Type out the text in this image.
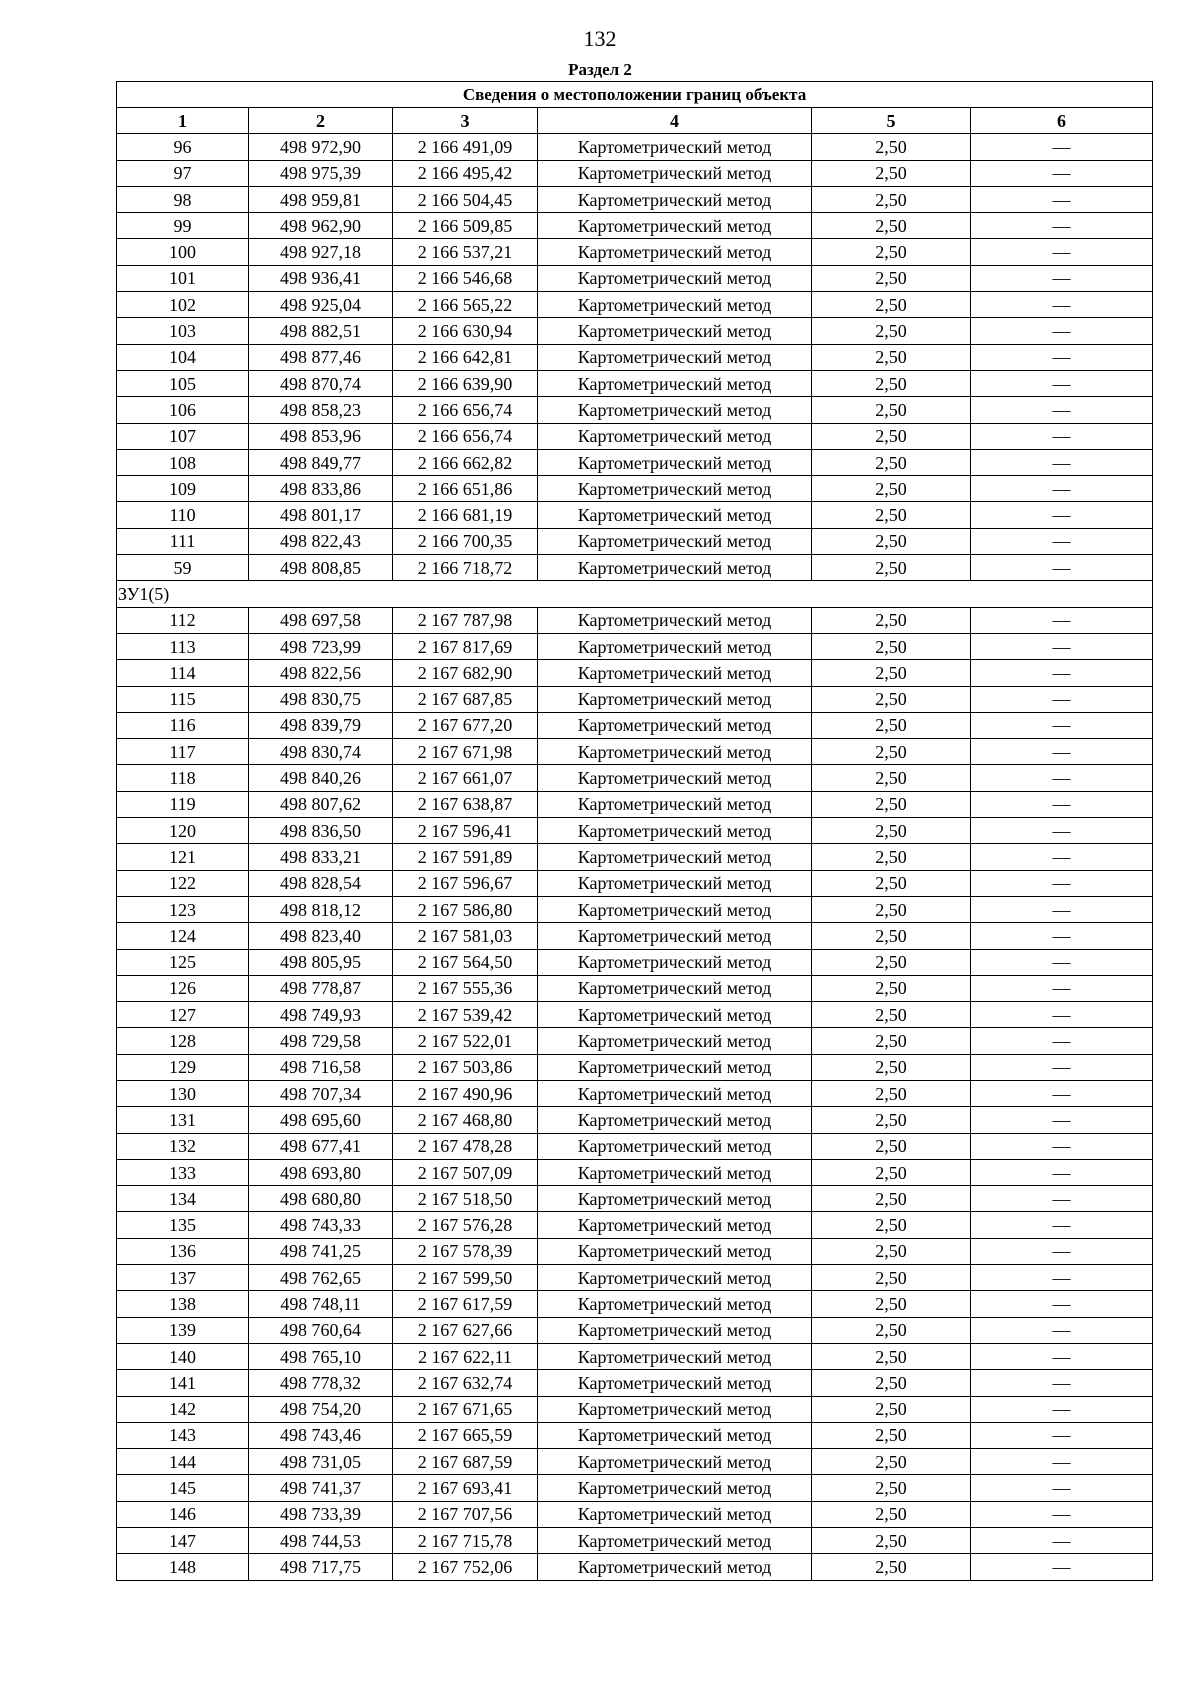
132
Раздел 2
Сведения о местоположении границ объекта					
1	2	3	4	5	6
96	498 972,90	2 166 491,09	Картометрический метод	2,50	—
97	498 975,39	2 166 495,42	Картометрический метод	2,50	—
98	498 959,81	2 166 504,45	Картометрический метод	2,50	—
99	498 962,90	2 166 509,85	Картометрический метод	2,50	—
100	498 927,18	2 166 537,21	Картометрический метод	2,50	—
101	498 936,41	2 166 546,68	Картометрический метод	2,50	—
102	498 925,04	2 166 565,22	Картометрический метод	2,50	—
103	498 882,51	2 166 630,94	Картометрический метод	2,50	—
104	498 877,46	2 166 642,81	Картометрический метод	2,50	—
105	498 870,74	2 166 639,90	Картометрический метод	2,50	—
106	498 858,23	2 166 656,74	Картометрический метод	2,50	—
107	498 853,96	2 166 656,74	Картометрический метод	2,50	—
108	498 849,77	2 166 662,82	Картометрический метод	2,50	—
109	498 833,86	2 166 651,86	Картометрический метод	2,50	—
110	498 801,17	2 166 681,19	Картометрический метод	2,50	—
111	498 822,43	2 166 700,35	Картометрический метод	2,50	—
59	498 808,85	2 166 718,72	Картометрический метод	2,50	—
ЗУ1(5)					
112	498 697,58	2 167 787,98	Картометрический метод	2,50	—
113	498 723,99	2 167 817,69	Картометрический метод	2,50	—
114	498 822,56	2 167 682,90	Картометрический метод	2,50	—
115	498 830,75	2 167 687,85	Картометрический метод	2,50	—
116	498 839,79	2 167 677,20	Картометрический метод	2,50	—
117	498 830,74	2 167 671,98	Картометрический метод	2,50	—
118	498 840,26	2 167 661,07	Картометрический метод	2,50	—
119	498 807,62	2 167 638,87	Картометрический метод	2,50	—
120	498 836,50	2 167 596,41	Картометрический метод	2,50	—
121	498 833,21	2 167 591,89	Картометрический метод	2,50	—
122	498 828,54	2 167 596,67	Картометрический метод	2,50	—
123	498 818,12	2 167 586,80	Картометрический метод	2,50	—
124	498 823,40	2 167 581,03	Картометрический метод	2,50	—
125	498 805,95	2 167 564,50	Картометрический метод	2,50	—
126	498 778,87	2 167 555,36	Картометрический метод	2,50	—
127	498 749,93	2 167 539,42	Картометрический метод	2,50	—
128	498 729,58	2 167 522,01	Картометрический метод	2,50	—
129	498 716,58	2 167 503,86	Картометрический метод	2,50	—
130	498 707,34	2 167 490,96	Картометрический метод	2,50	—
131	498 695,60	2 167 468,80	Картометрический метод	2,50	—
132	498 677,41	2 167 478,28	Картометрический метод	2,50	—
133	498 693,80	2 167 507,09	Картометрический метод	2,50	—
134	498 680,80	2 167 518,50	Картометрический метод	2,50	—
135	498 743,33	2 167 576,28	Картометрический метод	2,50	—
136	498 741,25	2 167 578,39	Картометрический метод	2,50	—
137	498 762,65	2 167 599,50	Картометрический метод	2,50	—
138	498 748,11	2 167 617,59	Картометрический метод	2,50	—
139	498 760,64	2 167 627,66	Картометрический метод	2,50	—
140	498 765,10	2 167 622,11	Картометрический метод	2,50	—
141	498 778,32	2 167 632,74	Картометрический метод	2,50	—
142	498 754,20	2 167 671,65	Картометрический метод	2,50	—
143	498 743,46	2 167 665,59	Картометрический метод	2,50	—
144	498 731,05	2 167 687,59	Картометрический метод	2,50	—
145	498 741,37	2 167 693,41	Картометрический метод	2,50	—
146	498 733,39	2 167 707,56	Картометрический метод	2,50	—
147	498 744,53	2 167 715,78	Картометрический метод	2,50	—
148	498 717,75	2 167 752,06	Картометрический метод	2,50	—
